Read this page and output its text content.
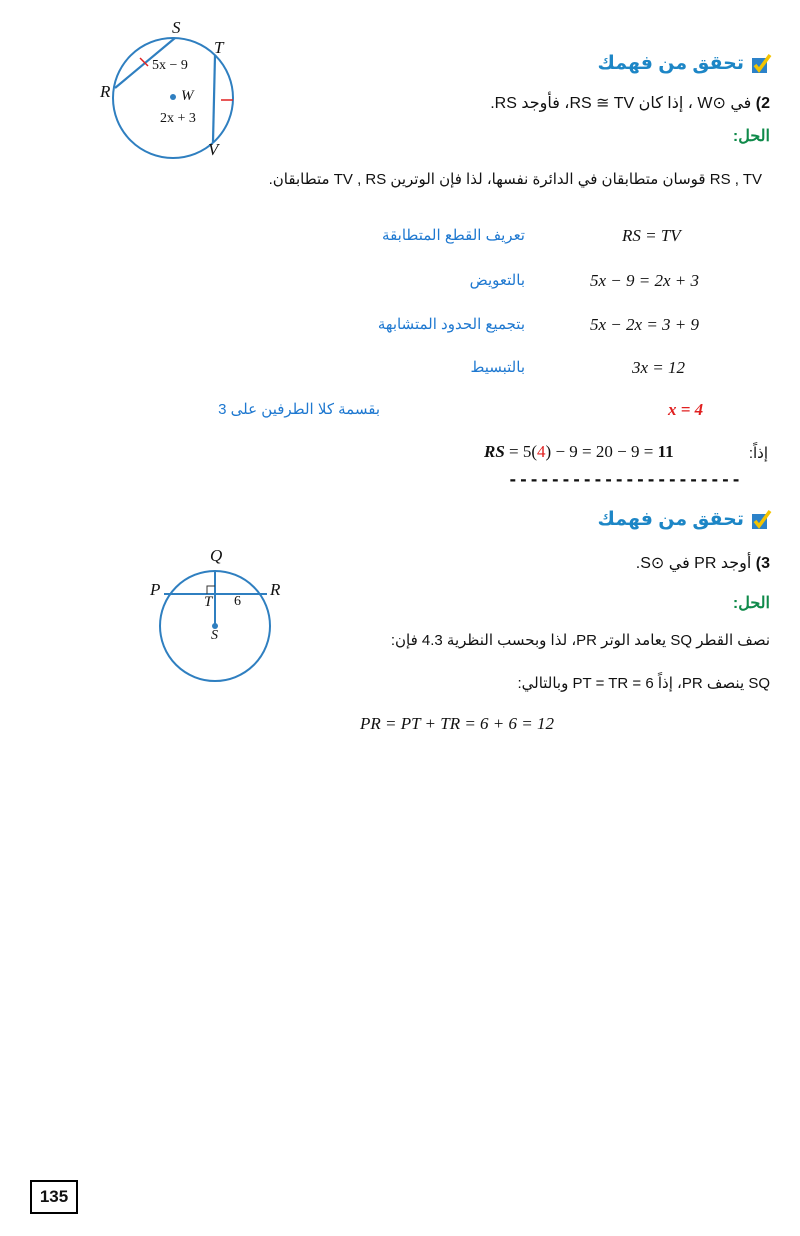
S
T
R
V
W
5x − 9
2x + 3
تحقق من فهمك
2) في ⊙W ، إذا كان RS ≅ TV، فأوجد RS.
الحل:
RS , TV قوسان متطابقان في الدائرة نفسها، لذا فإن الوترين TV , RS متطابقان.
RS = TV
تعريف القطع المتطابقة
5x − 9 = 2x + 3
بالتعويض
5x − 2x = 3 + 9
بتجميع الحدود المتشابهة
3x = 12
بالتبسيط
x = 4
بقسمة كلا الطرفين على 3
RS = 5(4) − 9 = 20 − 9 = 11	إذاً:
----------------------
تحقق من فهمك
3) أوجد PR في ⊙S.
الحل:
نصف القطر SQ يعامد الوتر PR، لذا وبحسب النظرية 4.3 فإن:
SQ ينصف PR، إذاً PT = TR = 6 وبالتالي:
PR = PT + TR = 6 + 6 = 12
Q
P	R
T
S
6
135
